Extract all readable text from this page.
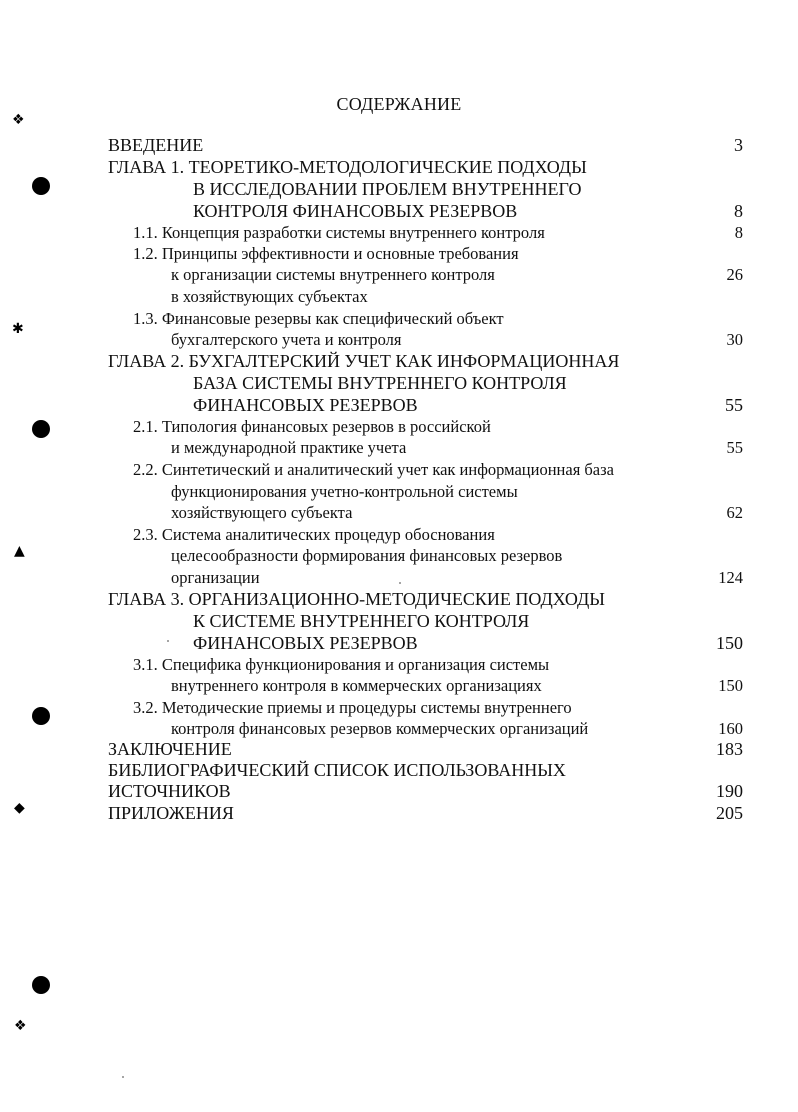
СОДЕРЖАНИЕ
ВВЕДЕНИЕ	3
ГЛАВА 1. ТЕОРЕТИКО-МЕТОДОЛОГИЧЕСКИЕ ПОДХОДЫ
В ИССЛЕДОВАНИИ ПРОБЛЕМ ВНУТРЕННЕГО
КОНТРОЛЯ ФИНАНСОВЫХ РЕЗЕРВОВ	8
1.1. Концепция разработки системы внутреннего контроля	8
1.2. Принципы эффективности и основные требования
к организации системы внутреннего контроля	26
в хозяйствующих субъектах
1.3. Финансовые резервы как специфический объект
бухгалтерского учета и контроля	30
ГЛАВА 2. БУХГАЛТЕРСКИЙ УЧЕТ КАК ИНФОРМАЦИОННАЯ
БАЗА СИСТЕМЫ ВНУТРЕННЕГО КОНТРОЛЯ
ФИНАНСОВЫХ РЕЗЕРВОВ	55
2.1. Типология финансовых резервов в российской
и международной практике учета	55
2.2. Синтетический и аналитический учет как информационная база
функционирования учетно-контрольной системы
хозяйствующего субъекта	62
2.3. Система аналитических процедур обоснования
целесообразности формирования финансовых резервов
организации	124
ГЛАВА 3. ОРГАНИЗАЦИОННО-МЕТОДИЧЕСКИЕ ПОДХОДЫ
К СИСТЕМЕ ВНУТРЕННЕГО КОНТРОЛЯ
ФИНАНСОВЫХ РЕЗЕРВОВ	150
3.1. Специфика функционирования и организация системы
внутреннего контроля в коммерческих организациях	150
3.2. Методические приемы и процедуры системы внутреннего
контроля финансовых резервов коммерческих организаций	160
ЗАКЛЮЧЕНИЕ	183
БИБЛИОГРАФИЧЕСКИЙ СПИСОК ИСПОЛЬЗОВАННЫХ
ИСТОЧНИКОВ	190
ПРИЛОЖЕНИЯ	205
❖
✱
▲
◆
❖
